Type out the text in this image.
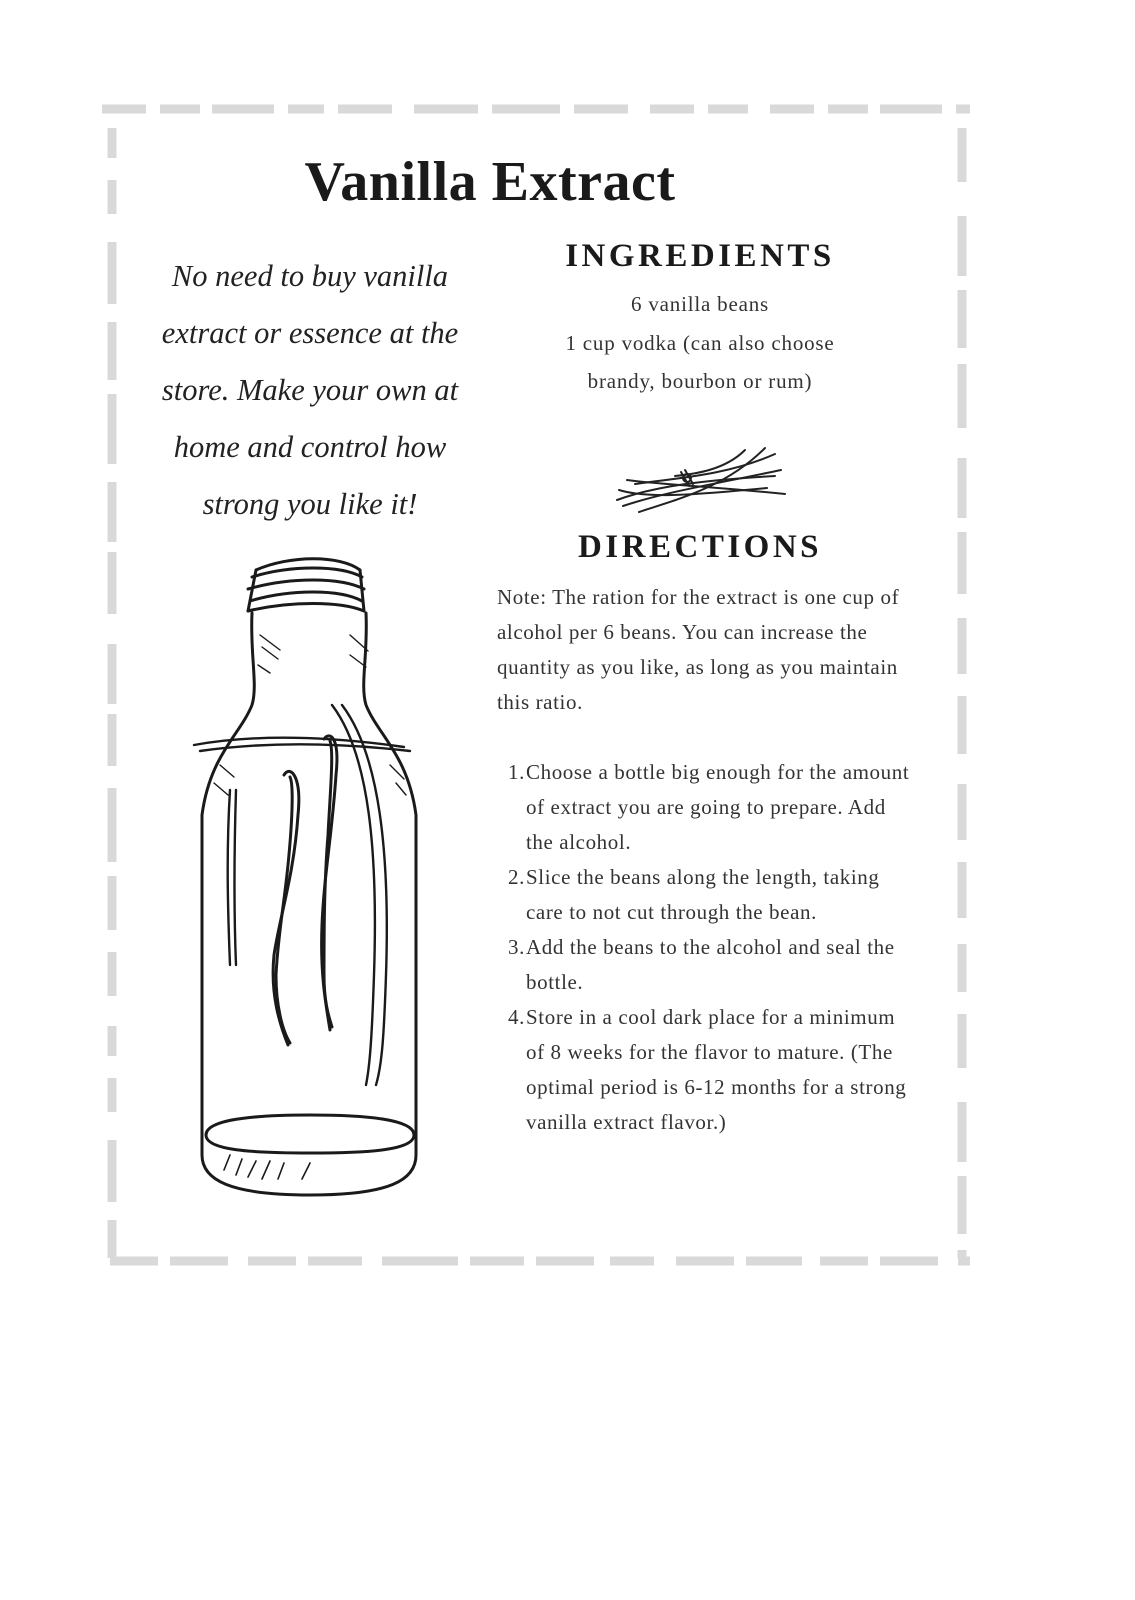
Vanilla Extract
No need to buy vanilla extract or essence at the store. Make your own at home and control how strong you like it!
INGREDIENTS
6 vanilla beans
1 cup vodka (can also choose brandy, bourbon or rum)
DIRECTIONS

Note: The ration for the extract is one cup of alcohol per 6 beans. You can increase the quantity as you like, as long as you maintain this ratio.

1. Choose a bottle big enough for the amount of extract you are going to prepare. Add the alcohol.
2. Slice the beans along the length, taking care to not cut through the bean.
3. Add the beans to the alcohol and seal the bottle.
4. Store in a cool dark place for a minimum of 8 weeks for the flavor to mature. (The optimal period is 6-12 months for a strong vanilla extract flavor.)
